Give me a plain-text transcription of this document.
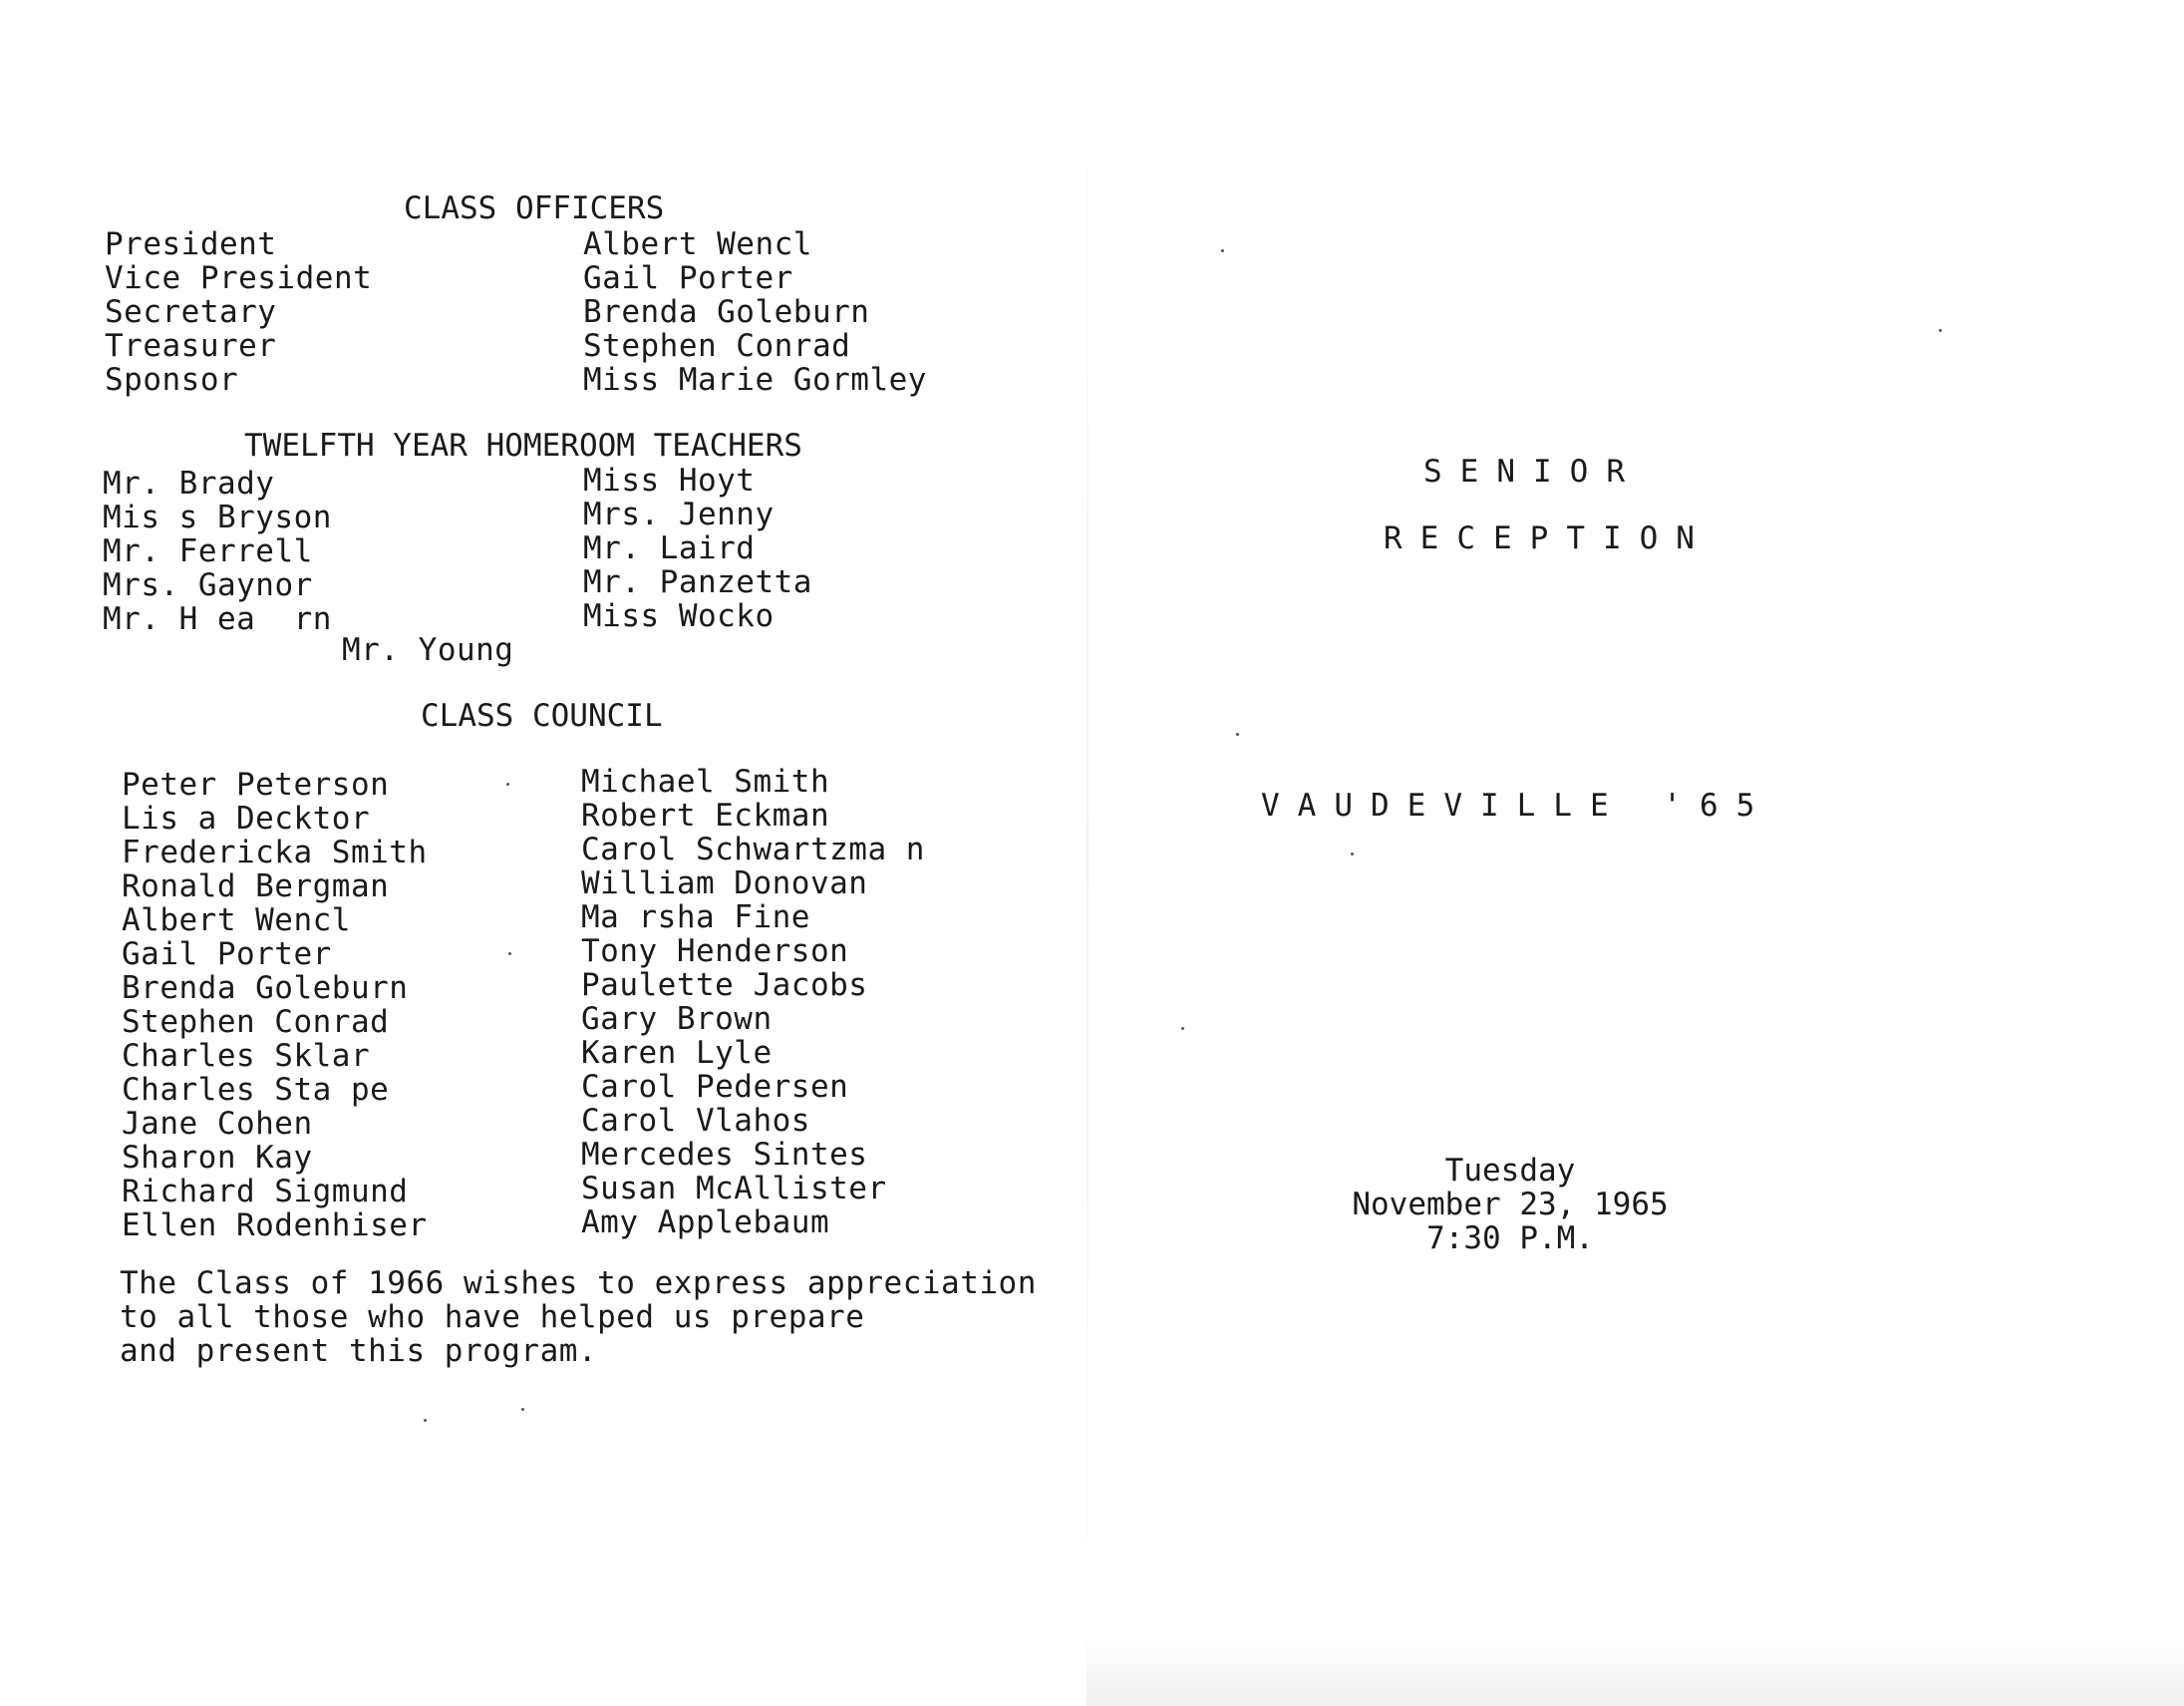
CLASS OFFICERS
President
Vice President
Secretary
Treasurer
Sponsor
Albert Wencl
Gail Porter
Brenda Goleburn
Stephen Conrad
Miss Marie Gormley
TWELFTH YEAR HOMEROOM TEACHERS
Mr. Brady
Mis s Bryson
Mr. Ferrell
Mrs. Gaynor
Mr. H ea  rn
Miss Hoyt
Mrs. Jenny
Mr. Laird
Mr. Panzetta
Miss Wocko
Mr. Young
CLASS COUNCIL
Peter Peterson
Lis a Decktor
Fredericka Smith
Ronald Bergman
Albert Wencl
Gail Porter
Brenda Goleburn
Stephen Conrad
Charles Sklar
Charles Sta pe
Jane Cohen
Sharon Kay
Richard Sigmund
Ellen Rodenhiser
Michael Smith
Robert Eckman
Carol Schwartzma n
William Donovan
Ma rsha Fine
Tony Henderson
Paulette Jacobs
Gary Brown
Karen Lyle
Carol Pedersen
Carol Vlahos
Mercedes Sintes
Susan McAllister
Amy Applebaum
The Class of 1966 wishes to express appreciation
to all those who have helped us prepare
and present this program.
SENIOR
RECEPTION
VAUDEVILLE '65
Tuesday
November 23, 1965
7:30 P.M.
